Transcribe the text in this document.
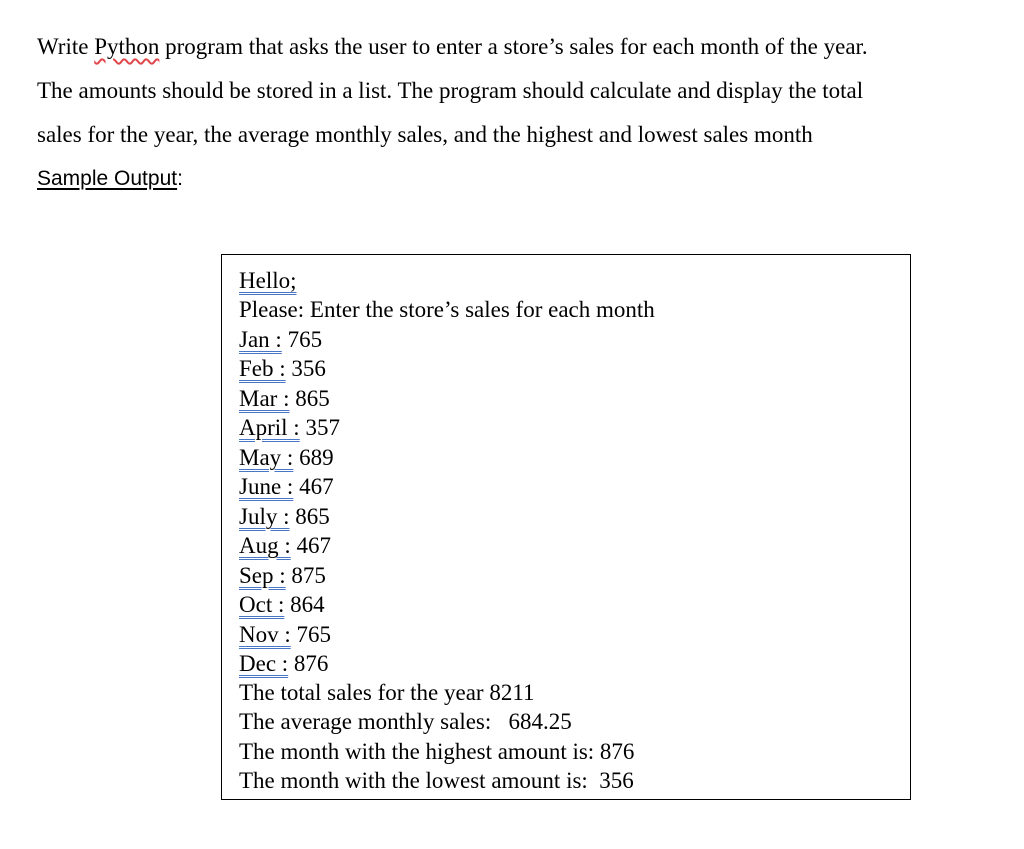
Write Python program that asks the user to enter a store’s sales for each month of the year.

The amounts should be stored in a list. The program should calculate and display the total

sales for the year, the average monthly sales, and the highest and lowest sales month

Sample Output:

Hello;

Please: Enter the store’s sales for each month

Jan : 765

Feb : 356

Mar : 865

April : 357

May : 689

June : 467

July : 865

Aug : 467

Sep : 875

Oct : 864

Nov : 765

Dec : 876

The total sales for the year 8211

The average monthly sales:   684.25

The month with the highest amount is: 876

The month with the lowest amount is:  356
